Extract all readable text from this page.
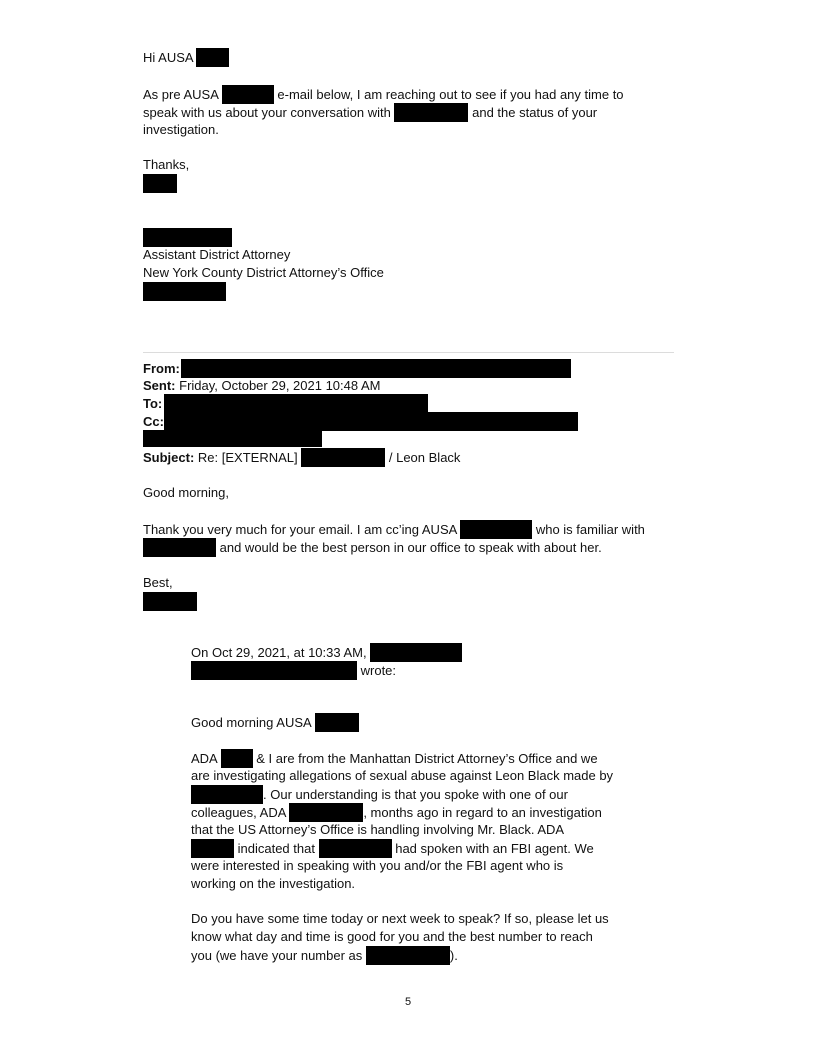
Hi AUSA
As pre AUSA	e-mail below, I am reaching out to see if you had any time to
speak with us about your conversation with	and the status of your
investigation.
Thanks,
Assistant District Attorney
New York County District Attorney’s Office
From:
Sent: Friday, October 29, 2021 10:48 AM
To:
Cc:
Subject: Re: [EXTERNAL]	/ Leon Black
Good morning,
Thank you very much for your email. I am cc’ing AUSA	who is familiar with
and would be the best person in our office to speak with about her.
Best,
On Oct 29, 2021, at 10:33 AM,
wrote:
Good morning AUSA
ADA	& I are from the Manhattan District Attorney’s Office and we
are investigating allegations of sexual abuse against Leon Black made by
. Our understanding is that you spoke with one of our
colleagues, ADA	, months ago in regard to an investigation
that the US Attorney’s Office is handling involving Mr. Black. ADA
indicated that	had spoken with an FBI agent. We
were interested in speaking with you and/or the FBI agent who is
working on the investigation.
Do you have some time today or next week to speak? If so, please let us
know what day and time is good for you and the best number to reach
you (we have your number as	).
5
